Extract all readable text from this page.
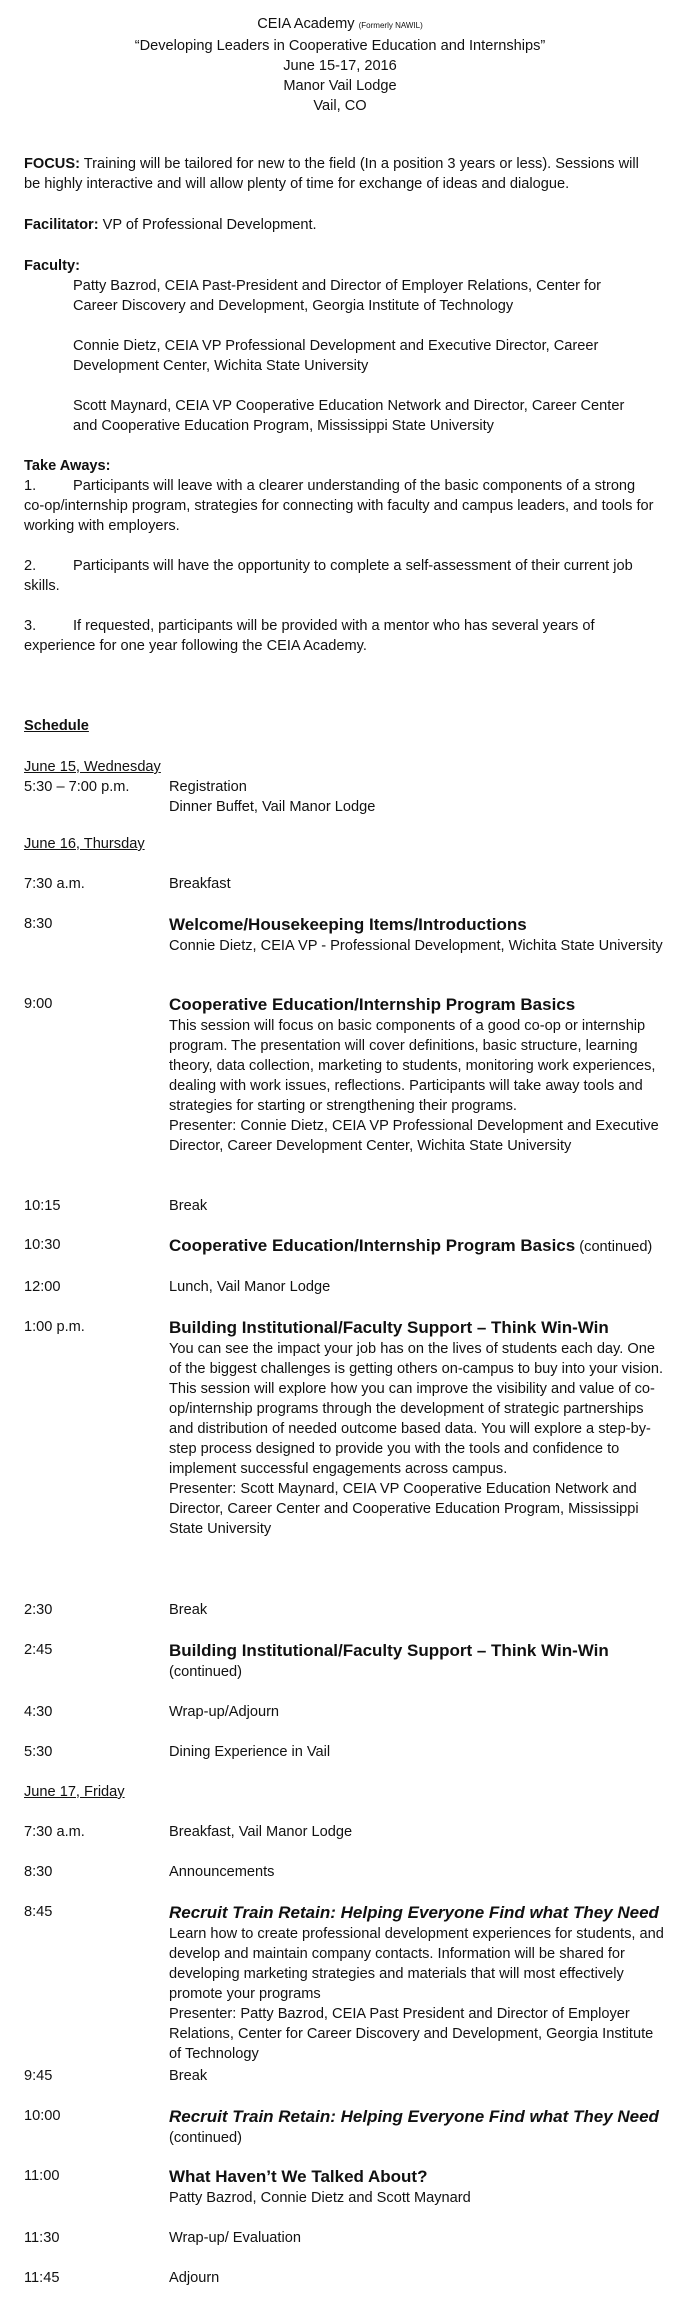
CEIA Academy (Formerly NAWIL)
“Developing Leaders in Cooperative Education and Internships”
June 15-17, 2016
Manor Vail Lodge
Vail, CO
FOCUS: Training will be tailored for new to the field (In a position 3 years or less). Sessions will be highly interactive and will allow plenty of time for exchange of ideas and dialogue.
Facilitator: VP of Professional Development.
Faculty:
Patty Bazrod, CEIA Past-President and Director of Employer Relations, Center for Career Discovery and Development, Georgia Institute of Technology
Connie Dietz, CEIA VP Professional Development and Executive Director, Career Development Center, Wichita State University
Scott Maynard, CEIA VP Cooperative Education Network and Director, Career Center and Cooperative Education Program, Mississippi State University
Take Aways:
1.	Participants will leave with a clearer understanding of the basic components of a strong co-op/internship program, strategies for connecting with faculty and campus leaders, and tools for working with employers.
2.	Participants will have the opportunity to complete a self-assessment of their current job skills.
3.	If requested, participants will be provided with a mentor who has several years of experience for one year following the CEIA Academy.
Schedule
June 15, Wednesday
5:30 – 7:00 p.m.	Registration
Dinner Buffet, Vail Manor Lodge
June 16, Thursday
7:30 a.m.	Breakfast
8:30	Welcome/Housekeeping Items/Introductions
Connie Dietz, CEIA VP - Professional Development, Wichita State University
9:00	Cooperative Education/Internship Program Basics
This session will focus on basic components of a good co-op or internship program. The presentation will cover definitions, basic structure, learning theory, data collection, marketing to students, monitoring work experiences, dealing with work issues, reflections. Participants will take away tools and strategies for starting or strengthening their programs.
Presenter: Connie Dietz, CEIA VP Professional Development and Executive Director, Career Development Center, Wichita State University
10:15	Break
10:30	Cooperative Education/Internship Program Basics (continued)
12:00	Lunch, Vail Manor Lodge
1:00 p.m.	Building Institutional/Faculty Support – Think Win-Win
You can see the impact your job has on the lives of students each day. One of the biggest challenges is getting others on-campus to buy into your vision. This session will explore how you can improve the visibility and value of co-op/internship programs through the development of strategic partnerships and distribution of needed outcome based data. You will explore a step-by-step process designed to provide you with the tools and confidence to implement successful engagements across campus.
Presenter: Scott Maynard, CEIA VP Cooperative Education Network and Director, Career Center and Cooperative Education Program, Mississippi State University
2:30	Break
2:45	Building Institutional/Faculty Support – Think Win-Win
(continued)
4:30	Wrap-up/Adjourn
5:30	Dining Experience in Vail
June 17, Friday
7:30 a.m.	Breakfast, Vail Manor Lodge
8:30	Announcements
8:45	Recruit Train Retain: Helping Everyone Find what They Need
Learn how to create professional development experiences for students, and develop and maintain company contacts. Information will be shared for developing marketing strategies and materials that will most effectively promote your programs
Presenter: Patty Bazrod, CEIA Past President and Director of Employer Relations, Center for Career Discovery and Development, Georgia Institute of Technology
9:45	Break
10:00	Recruit Train Retain: Helping Everyone Find what They Need
(continued)
11:00	What Haven’t We Talked About?
Patty Bazrod, Connie Dietz and Scott Maynard
11:30	Wrap-up/ Evaluation
11:45	Adjourn
